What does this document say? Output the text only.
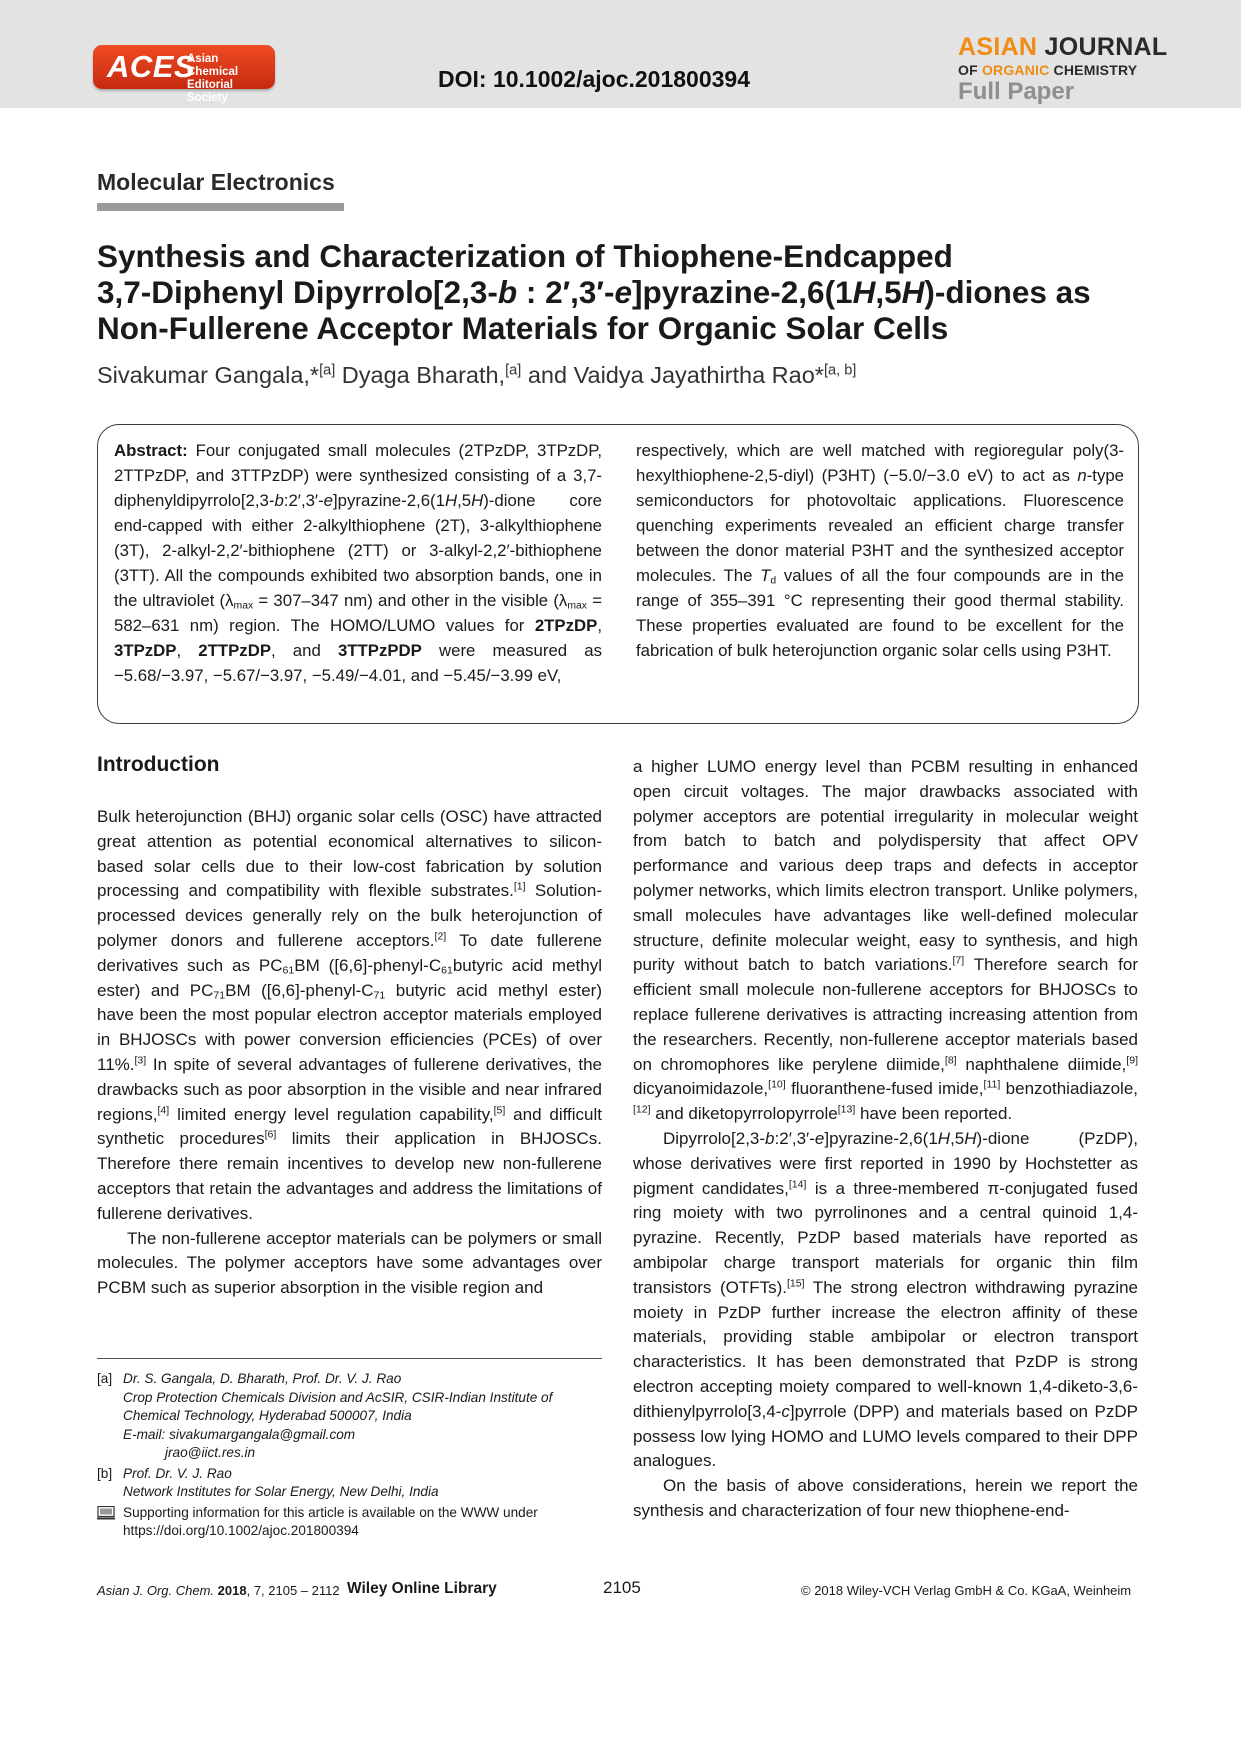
ACES
Asian Chemical Editorial Society
DOI: 10.1002/ajoc.201800394
ASIAN JOURNAL
OF ORGANIC CHEMISTRY
Full Paper
Molecular Electronics
Synthesis and Characterization of Thiophene-Endcapped
3,7-Diphenyl Dipyrrolo[2,3-b : 2′,3′-e]pyrazine-2,6(1H,5H)-diones as
Non-Fullerene Acceptor Materials for Organic Solar Cells
Sivakumar Gangala,*[a] Dyaga Bharath,[a] and Vaidya Jayathirtha Rao*[a, b]
Abstract: Four conjugated small molecules (2TPzDP, 3TPzDP, 2TTPzDP, and 3TTPzDP) were synthesized consisting of a 3,7-diphenyldipyrrolo[2,3-b:2′,3′-e]pyrazine-2,6(1H,5H)-dione core end-capped with either 2-alkylthiophene (2T), 3-alkylthiophene (3T), 2-alkyl-2,2′-bithiophene (2TT) or 3-alkyl-2,2′-bithiophene (3TT). All the compounds exhibited two absorption bands, one in the ultraviolet ($\lambda_{max} = 307-347$ nm) and other in the visible ($\lambda_{max} = 582-631$ nm) region. The HOMO/LUMO values for 2TPzDP, 3TPzDP, 2TTPzDP, and 3TTPzPDP were measured as −5.68/−3.97, −5.67/−3.97, −5.49/−4.01, and −5.45/−3.99 eV,
respectively, which are well matched with regioregular poly(3-hexylthiophene-2,5-diyl) (P3HT) (−5.0/−3.0 eV) to act as n-type semiconductors for photovoltaic applications. Fluorescence quenching experiments revealed an efficient charge transfer between the donor material P3HT and the synthesized acceptor molecules. The $T_d$ values of all the four compounds are in the range of 355–391 °C representing their good thermal stability. These properties evaluated are found to be excellent for the fabrication of bulk heterojunction organic solar cells using P3HT.
Introduction

Bulk heterojunction (BHJ) organic solar cells (OSC) have attracted great attention as potential economical alternatives to silicon-based solar cells due to their low-cost fabrication by solution processing and compatibility with flexible substrates.[1] Solution-processed devices generally rely on the bulk heterojunction of polymer donors and fullerene acceptors.[2] To date fullerene derivatives such as $PC_{61}BM$ ($[6,6]-phenyl-C_{61}butyric$ acid methyl ester) and $PC_{71}BM$ ($[6,6]-phenyl-C_{71}$ butyric acid methyl ester) have been the most popular electron acceptor materials employed in BHJOSCs with power conversion efficiencies (PCEs) of over 11%.[3] In spite of several advantages of fullerene derivatives, the drawbacks such as poor absorption in the visible and near infrared regions,[4] limited energy level regulation capability,[5] and difficult synthetic procedures[6] limits their application in BHJOSCs. Therefore there remain incentives to develop new non-fullerene acceptors that retain the advantages and address the limitations of fullerene derivatives.

The non-fullerene acceptor materials can be polymers or small molecules. The polymer acceptors have some advantages over PCBM such as superior absorption in the visible region and

a higher LUMO energy level than PCBM resulting in enhanced open circuit voltages. The major drawbacks associated with polymer acceptors are potential irregularity in molecular weight from batch to batch and polydispersity that affect OPV performance and various deep traps and defects in acceptor polymer networks, which limits electron transport. Unlike polymers, small molecules have advantages like well-defined molecular structure, definite molecular weight, easy to synthesis, and high purity without batch to batch variations.[7] Therefore search for efficient small molecule non-fullerene acceptors for BHJOSCs to replace fullerene derivatives is attracting increasing attention from the researchers. Recently, non-fullerene acceptor materials based on chromophores like perylene diimide,[8] naphthalene diimide,[9] dicyanoimidazole,[10] fluoranthene-fused imide,[11] benzothiadiazole,[12] and diketopyrrolopyrrole[13] have been reported.

Dipyrrolo[2,3-b:2′,3′-e]pyrazine-2,6(1H,5H)-dione (PzDP), whose derivatives were first reported in 1990 by Hochstetter as pigment candidates,[14] is a three-membered π-conjugated fused ring moiety with two pyrrolinones and a central quinoid 1,4-pyrazine. Recently, PzDP based materials have reported as ambipolar charge transport materials for organic thin film transistors (OTFTs).[15] The strong electron withdrawing pyrazine moiety in PzDP further increase the electron affinity of these materials, providing stable ambipolar or electron transport characteristics. It has been demonstrated that PzDP is strong electron accepting moiety compared to well-known 1,4-diketo-3,6-dithienylpyrrolo[3,4-c]pyrrole (DPP) and materials based on PzDP possess low lying HOMO and LUMO levels compared to their DPP analogues.

On the basis of above considerations, herein we report the synthesis and characterization of four new thiophene-end-

[a] Dr. S. Gangala, D. Bharath, Prof. Dr. V. J. Rao
Crop Protection Chemicals Division and AcSIR, CSIR-Indian Institute of Chemical Technology, Hyderabad 500007, India
E-mail: sivakumargangala@gmail.com
jrao@iict.res.in
[b] Prof. Dr. V. J. Rao
Network Institutes for Solar Energy, New Delhi, India
Supporting information for this article is available on the WWW under https://doi.org/10.1002/ajoc.201800394
Asian J. Org. Chem. 2018, 7, 2105 – 2112 Wiley Online Library	2105	© 2018 Wiley-VCH Verlag GmbH & Co. KGaA, Weinheim
